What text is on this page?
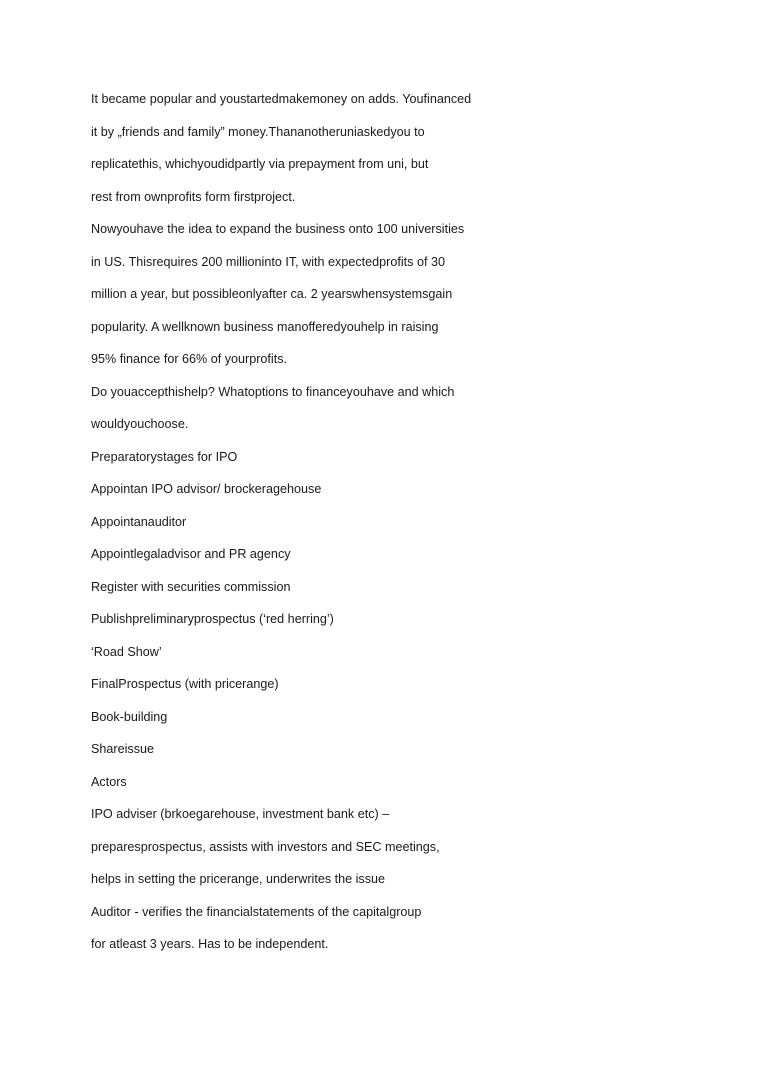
It became popular and youstartedmakemoney on adds. Youfinanced
it by „friends and family” money.Thananotheruniaskedyou to
replicatethis, whichyoudidpartly via prepayment from uni, but
rest from ownprofits form firstproject.
Nowyouhave the idea to expand the business onto 100 universities
in US. Thisrequires 200 millioninto IT, with expectedprofits of 30
million a year, but possibleonlyafter ca. 2 yearswhensystemsgain
popularity. A wellknown business manofferedyouhelp in raising
95% finance for 66% of yourprofits.
Do youaccepthishelp? Whatoptions to financeyouhave and which
wouldyouchoose.
Preparatorystages for IPO
Appointan IPO advisor/ brockeragehouse
Appointanauditor
Appointlegaladvisor and PR agency
Register with securities commission
Publishpreliminaryprospectus (‘red herring’)
‘Road Show’
FinalProspectus (with pricerange)
Book-building
Shareissue
Actors
IPO adviser (brkoegarehouse, investment bank etc) –
preparesprospectus, assists with investors and SEC meetings,
helps in setting the pricerange, underwrites the issue
Auditor - verifies the financialstatements of the capitalgroup
for atleast 3 years. Has to be independent.
